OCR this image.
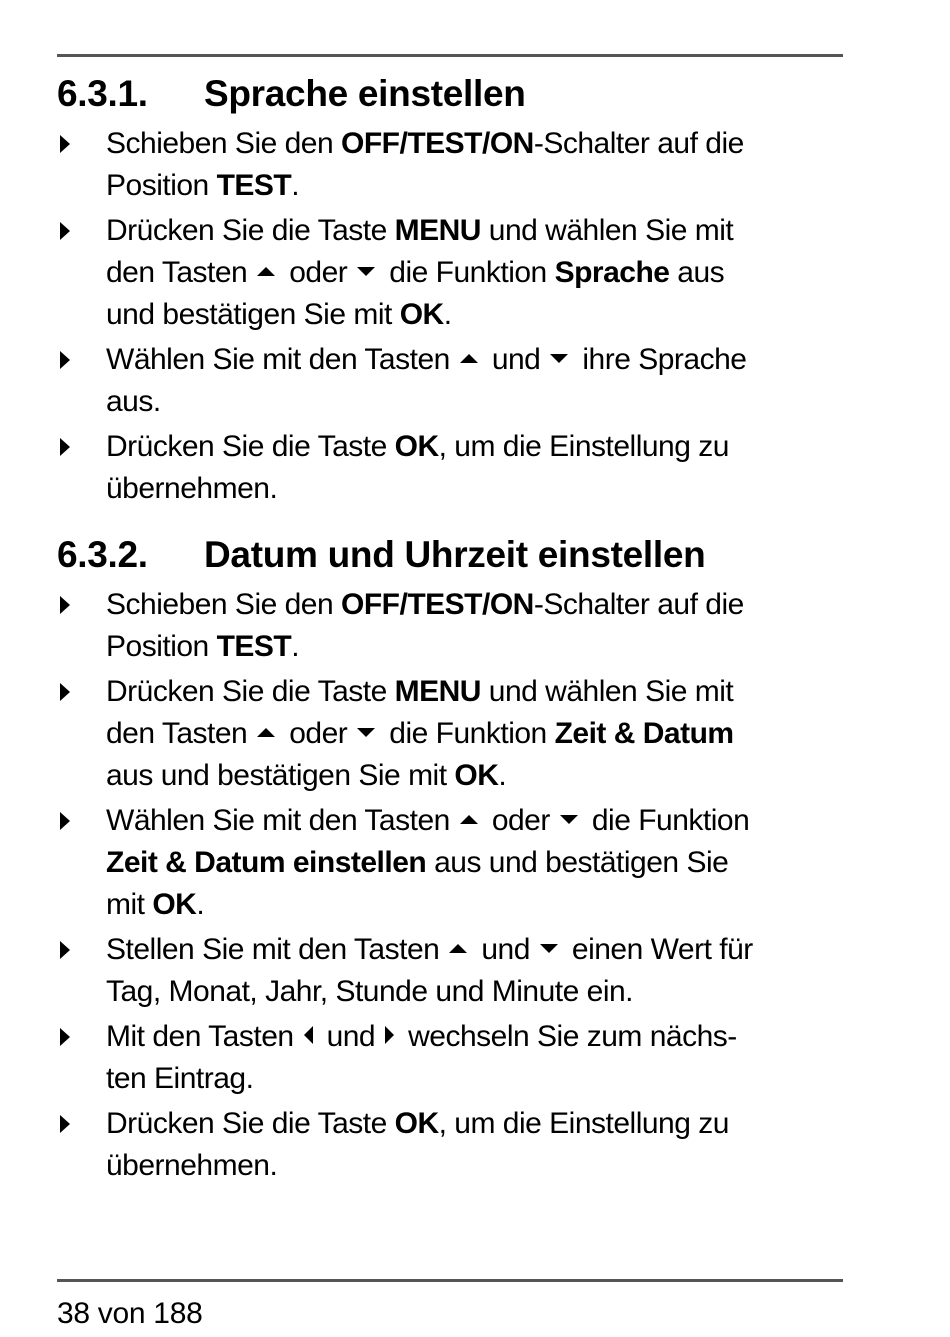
6.3.1. Sprache einstellen
Schieben Sie den OFF/TEST/ON-Schalter auf die
Position TEST.
Drücken Sie die Taste MENU und wählen Sie mit
den Tasten oder die Funktion Sprache aus
und bestätigen Sie mit OK.
Wählen Sie mit den Tasten und ihre Sprache
aus.
Drücken Sie die Taste OK, um die Einstellung zu
übernehmen.
6.3.2. Datum und Uhrzeit einstellen
Schieben Sie den OFF/TEST/ON-Schalter auf die
Position TEST.
Drücken Sie die Taste MENU und wählen Sie mit
den Tasten oder die Funktion Zeit & Datum
aus und bestätigen Sie mit OK.
Wählen Sie mit den Tasten oder die Funktion
Zeit & Datum einstellen aus und bestätigen Sie
mit OK.
Stellen Sie mit den Tasten und einen Wert für
Tag, Monat, Jahr, Stunde und Minute ein.
Mit den Tasten und wechseln Sie zum nächs-
ten Eintrag.
Drücken Sie die Taste OK, um die Einstellung zu
übernehmen.
38 von 188
